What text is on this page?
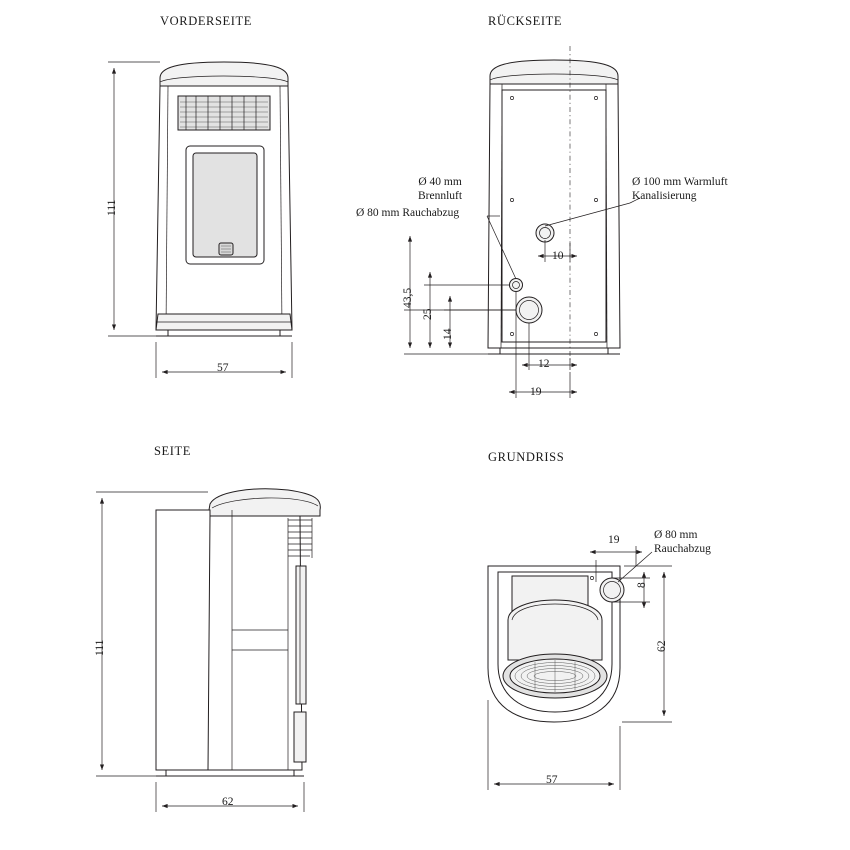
VORDERSEITE	RÜCKSEITE
SEITE	GRUNDRISS
111
57
Ø 40 mm
Brennluft
Ø 80 mm Rauchabzug
Ø 100 mm Warmluft
Kanalisierung
43,5
25
14
10
12
19
111
62
Ø 80 mm
Rauchabzug
19
8
62
57
